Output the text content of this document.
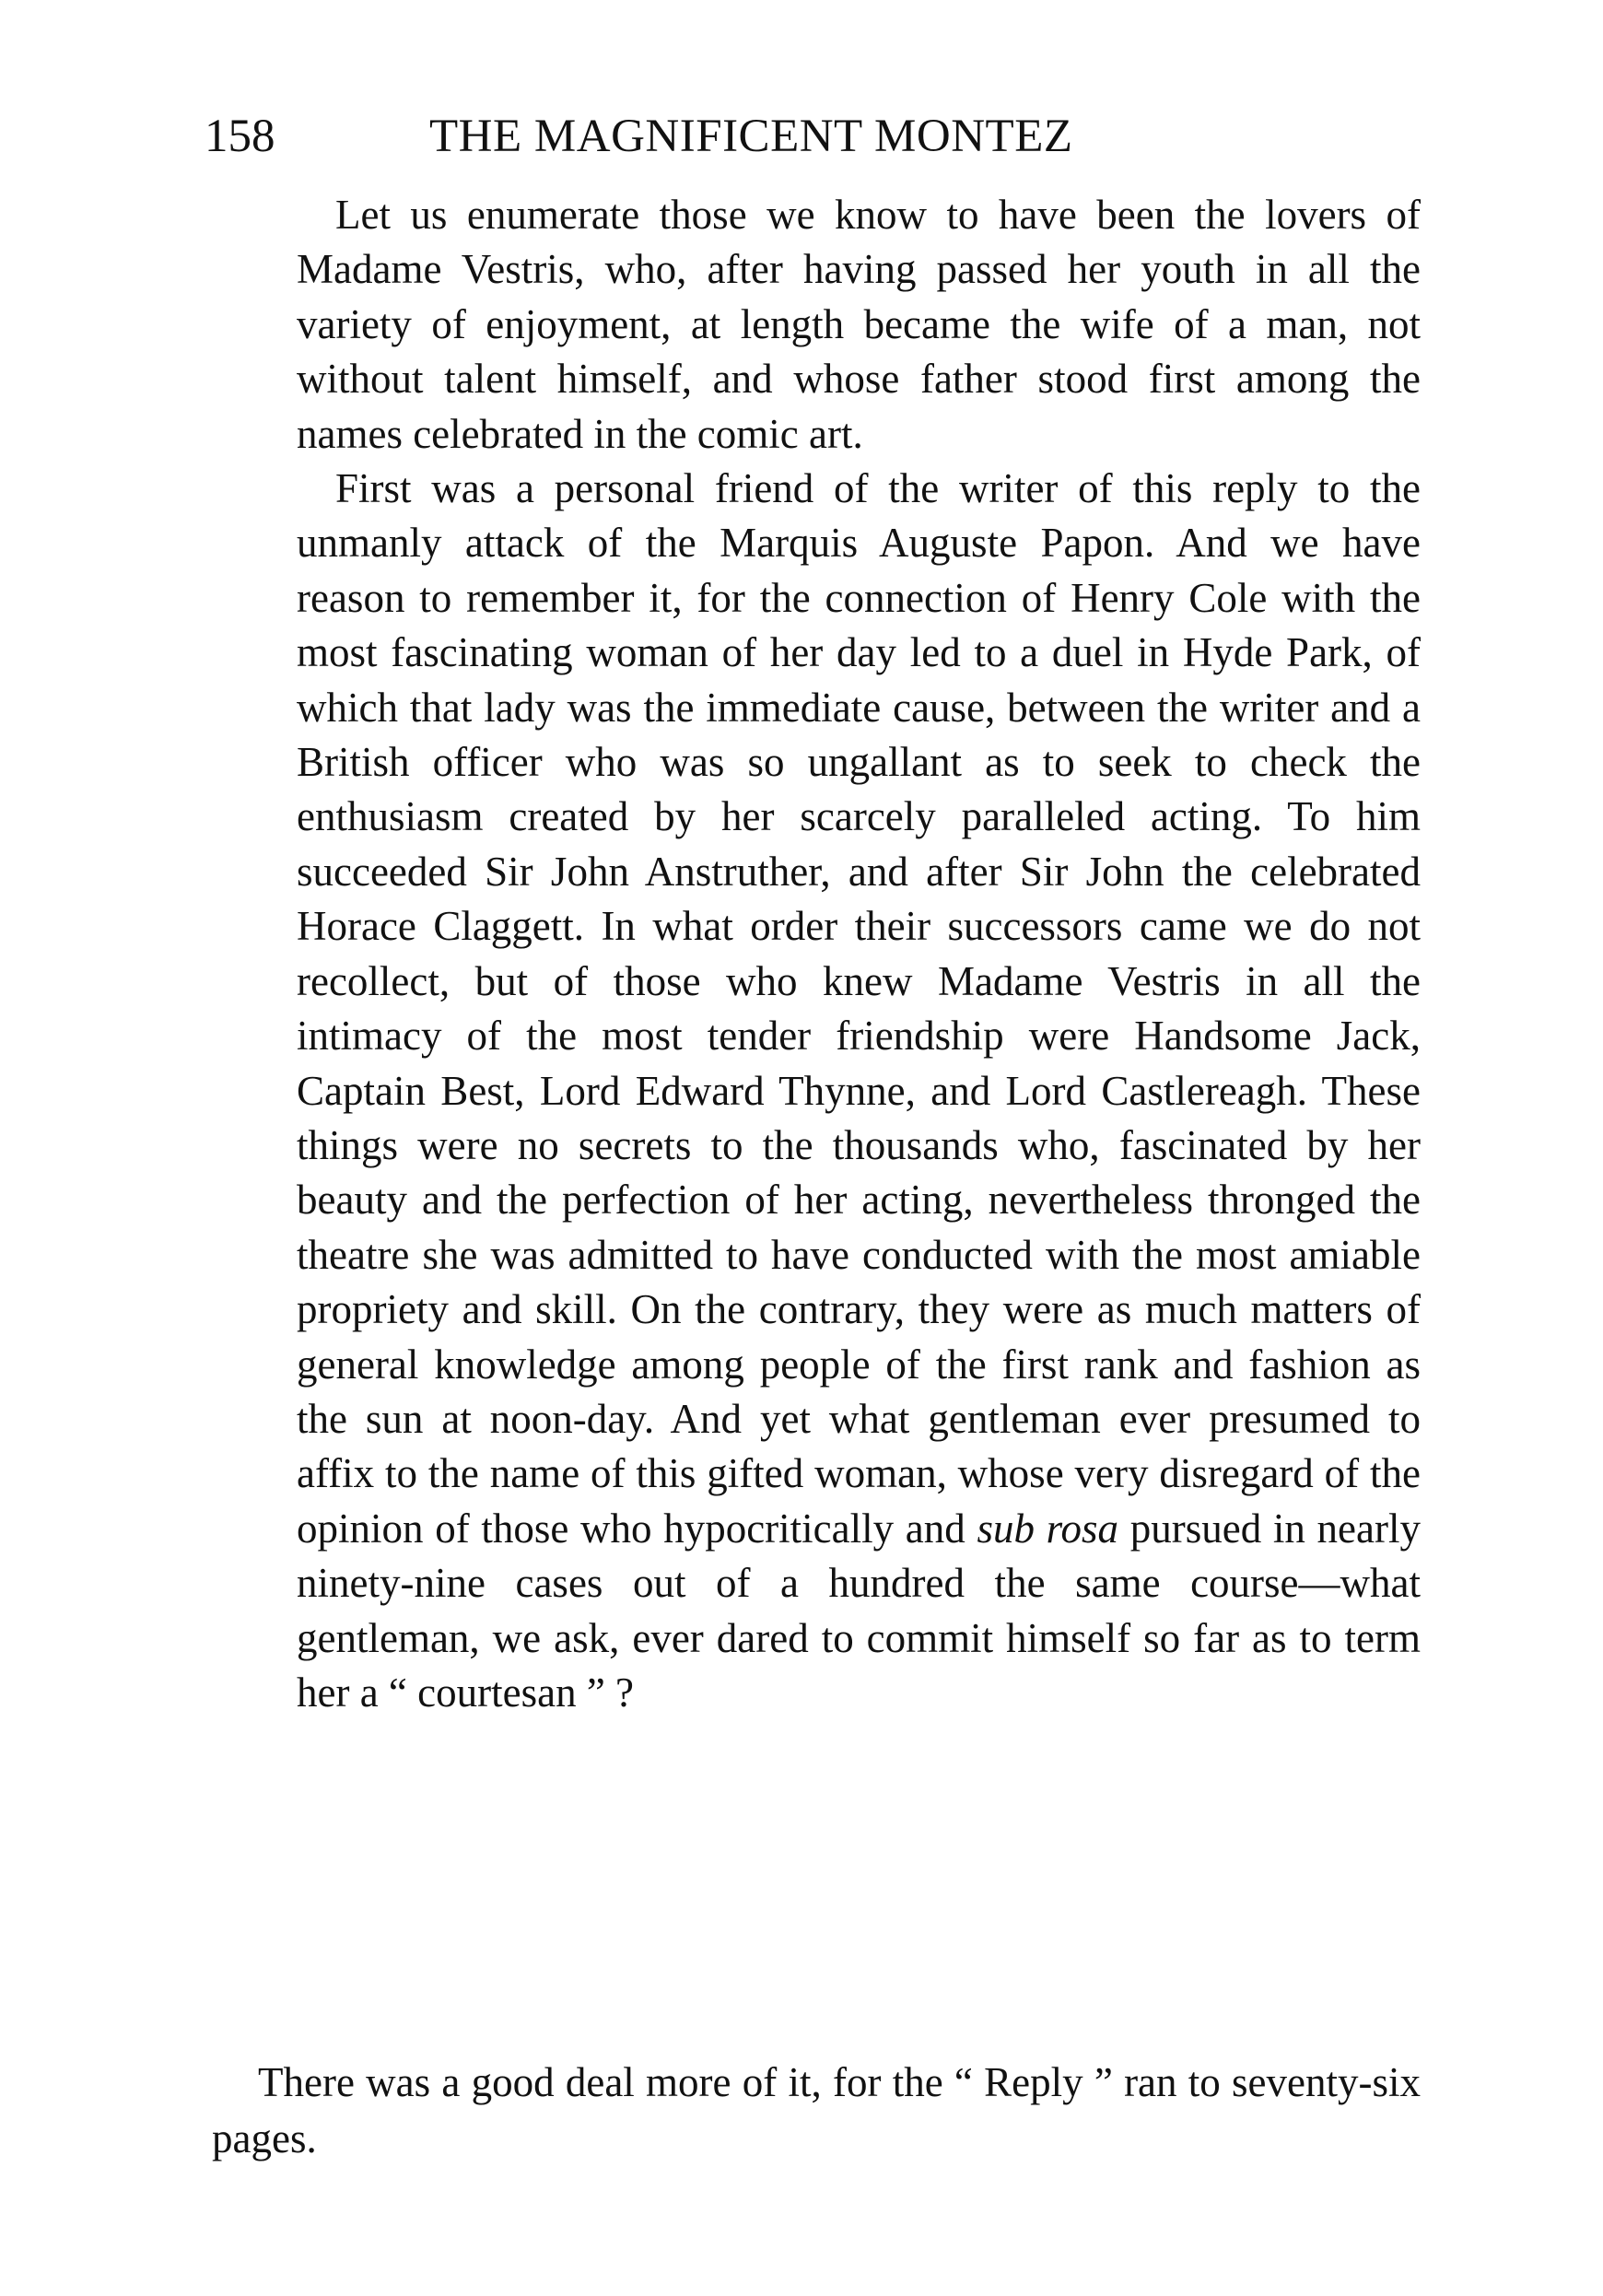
158	THE MAGNIFICENT MONTEZ

Let us enumerate those we know to have been the lovers of Madame Vestris, who, after having passed her youth in all the variety of enjoyment, at length became the wife of a man, not without talent himself, and whose father stood first among the names celebrated in the comic art.

First was a personal friend of the writer of this reply to the unmanly attack of the Marquis Auguste Papon. And we have reason to remember it, for the connection of Henry Cole with the most fascinating woman of her day led to a duel in Hyde Park, of which that lady was the immediate cause, between the writer and a British officer who was so ungallant as to seek to check the enthusiasm created by her scarcely paralleled acting. To him succeeded Sir John Anstruther, and after Sir John the celebrated Horace Claggett. In what order their successors came we do not recollect, but of those who knew Madame Vestris in all the intimacy of the most tender friendship were Handsome Jack, Captain Best, Lord Edward Thynne, and Lord Castlereagh. These things were no secrets to the thousands who, fascinated by her beauty and the perfection of her acting, nevertheless thronged the theatre she was admitted to have conducted with the most amiable propriety and skill. On the contrary, they were as much matters of general knowledge among people of the first rank and fashion as the sun at noon-day. And yet what gentleman ever presumed to affix to the name of this gifted woman, whose very disregard of the opinion of those who hypocritically and sub rosa pursued in nearly ninety-nine cases out of a hundred the same course—what gentleman, we ask, ever dared to commit himself so far as to term her a “ courtesan ” ?

There was a good deal more of it, for the “ Reply ” ran to seventy-six pages.
